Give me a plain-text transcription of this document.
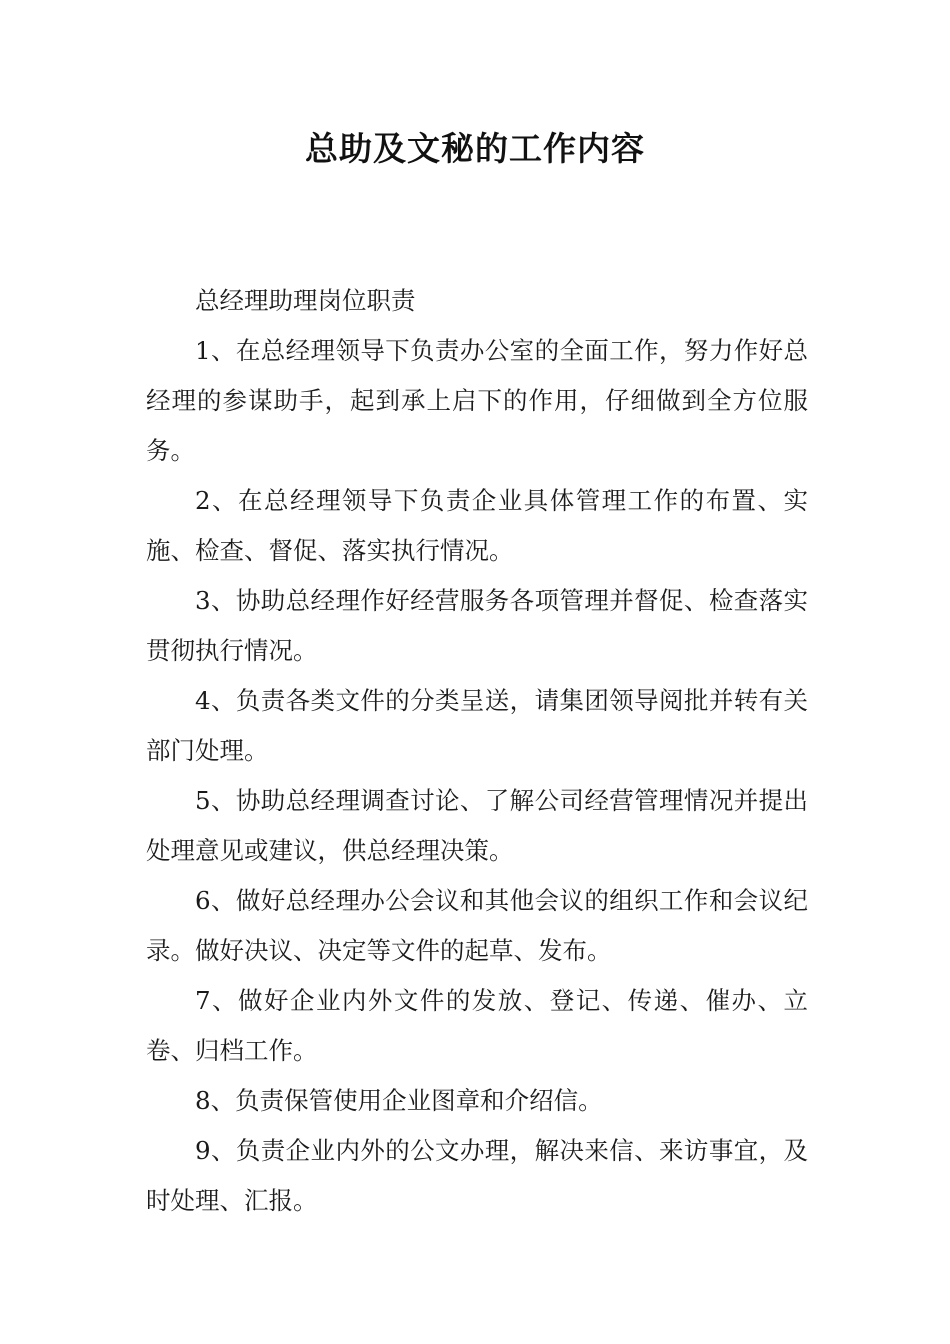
总助及文秘的工作内容

总经理助理岗位职责

1、在总经理领导下负责办公室的全面工作，努力作好总经理的参谋助手，起到承上启下的作用，仔细做到全方位服务。

2、在总经理领导下负责企业具体管理工作的布置、实施、检查、督促、落实执行情况。

3、协助总经理作好经营服务各项管理并督促、检查落实贯彻执行情况。

4、负责各类文件的分类呈送，请集团领导阅批并转有关部门处理。

5、协助总经理调查讨论、了解公司经营管理情况并提出处理意见或建议，供总经理决策。

6、做好总经理办公会议和其他会议的组织工作和会议纪录。做好决议、决定等文件的起草、发布。

7、做好企业内外文件的发放、登记、传递、催办、立卷、归档工作。

8、负责保管使用企业图章和介绍信。

9、负责企业内外的公文办理，解决来信、来访事宜，及时处理、汇报。
